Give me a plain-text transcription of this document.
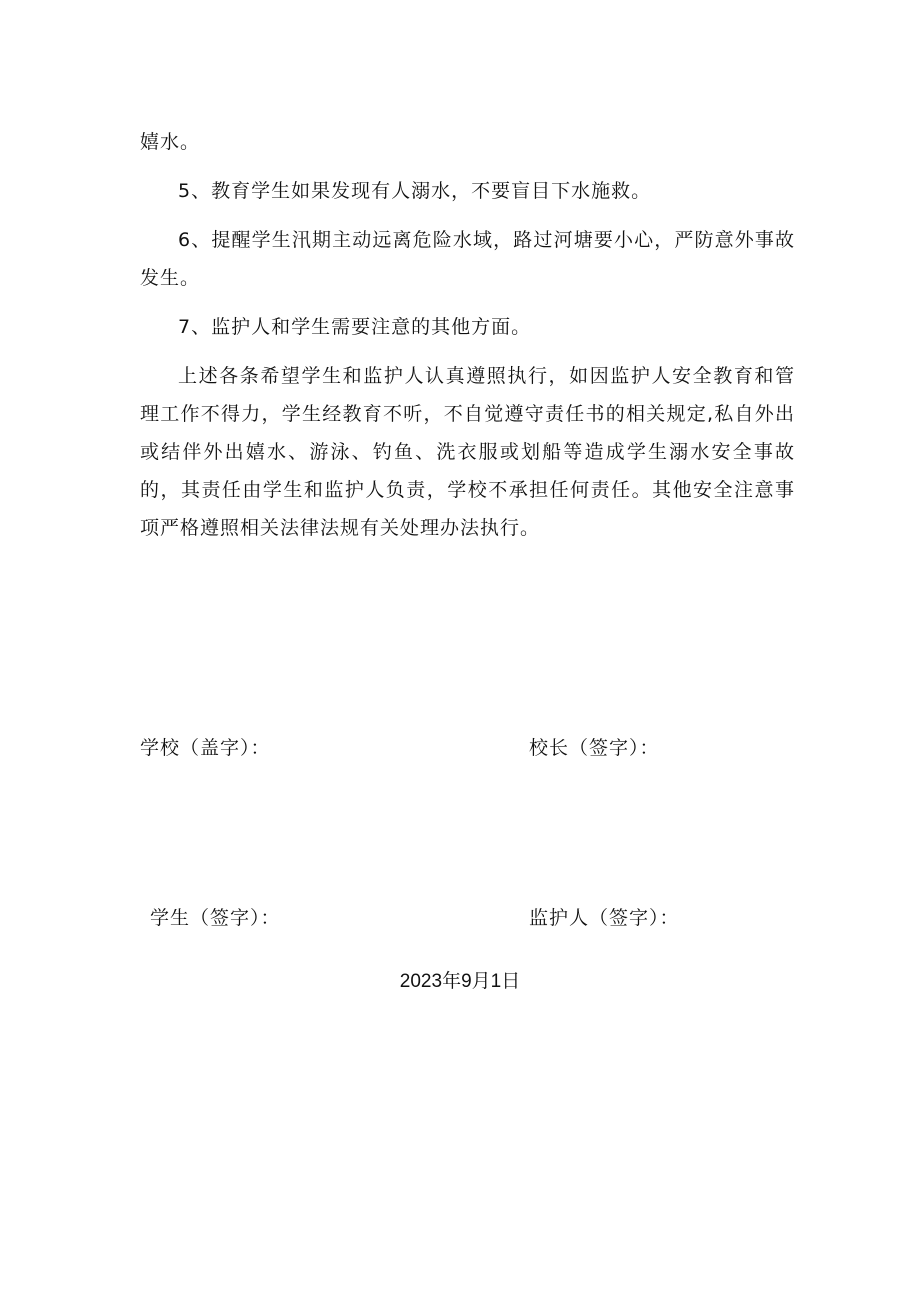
嬉水。

5、教育学生如果发现有人溺水，不要盲目下水施救。

6、提醒学生汛期主动远离危险水域，路过河塘要小心，严防意外事故发生。

7、监护人和学生需要注意的其他方面。

上述各条希望学生和监护人认真遵照执行，如因监护人安全教育和管理工作不得力，学生经教育不听，不自觉遵守责任书的相关规定,私自外出或结伴外出嬉水、游泳、钓鱼、洗衣服或划船等造成学生溺水安全事故的，其责任由学生和监护人负责，学校不承担任何责任。其他安全注意事项严格遵照相关法律法规有关处理办法执行。

学校（盖字）：	校长（签字）：
学生（签字）：	监护人（签字）：
2023年9月1日
